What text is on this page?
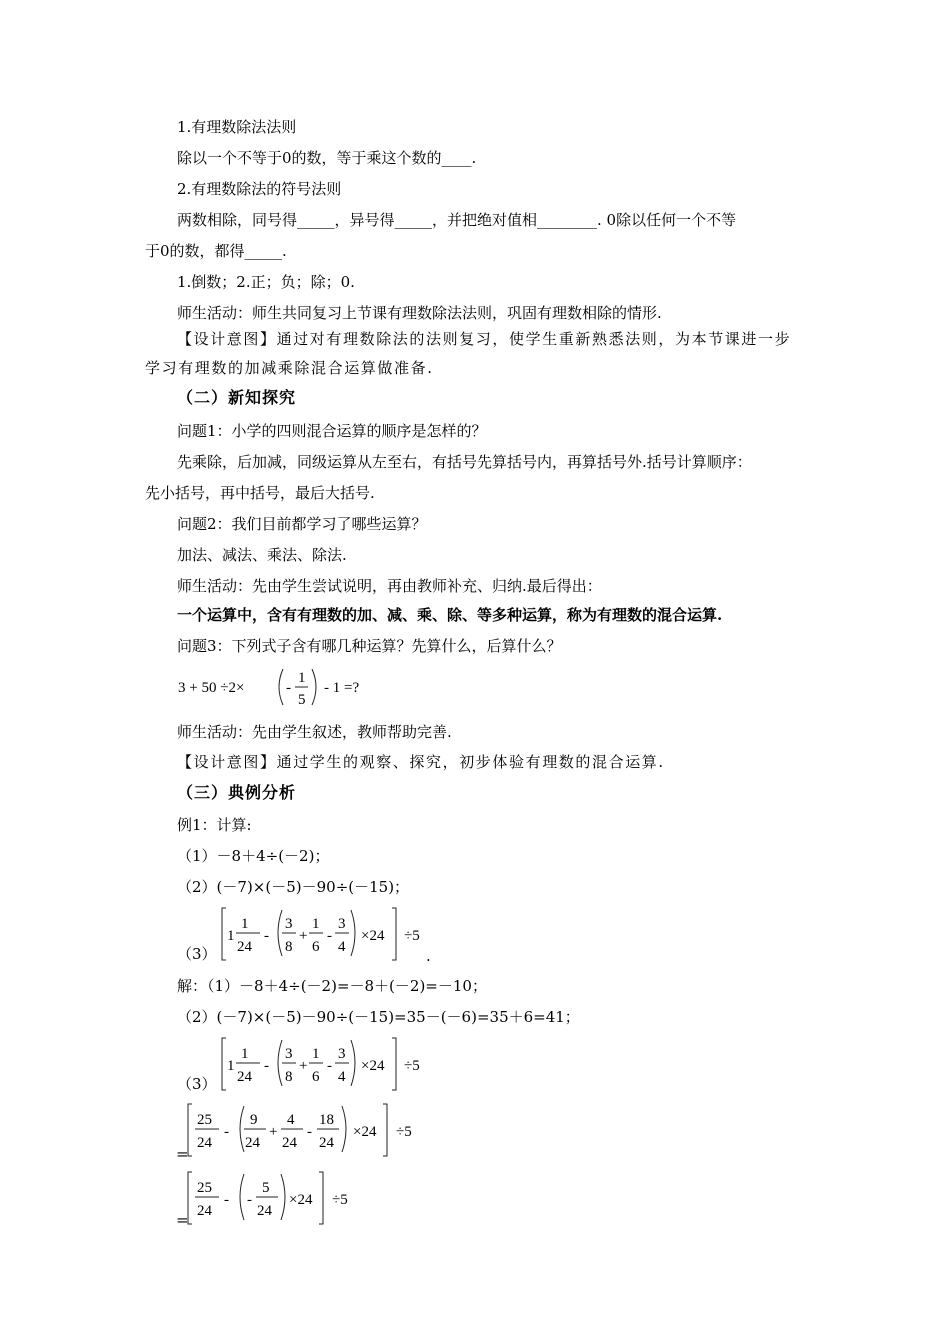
1.有理数除法法则
除以一个不等于0的数，等于乘这个数的____.
2.有理数除法的符号法则
两数相除，同号得_____，异号得_____，并把绝对值相________. 0除以任何一个不等
于0的数，都得_____.
1.倒数；2.正；负；除；0.
师生活动：师生共同复习上节课有理数除法法则，巩固有理数相除的情形.
【设计意图】通过对有理数除法的法则复习，使学生重新熟悉法则，为本节课进一步
学习有理数的加减乘除混合运算做准备.
（二）新知探究
问题1：小学的四则混合运算的顺序是怎样的？
先乘除，后加减，同级运算从左至右，有括号先算括号内，再算括号外.括号计算顺序：
先小括号，再中括号，最后大括号.
问题2：我们目前都学习了哪些运算？
加法、减法、乘法、除法.
师生活动：先由学生尝试说明，再由教师补充、归纳.最后得出：
一个运算中，含有有理数的加、减、乘、除、等多种运算，称为有理数的混合运算.
问题3：下列式子含有哪几种运算？先算什么，后算什么？
3 + 50 ÷2×	-
1
5
- 1 =?
师生活动：先由学生叙述，教师帮助完善.
【设计意图】通过学生的观察、探究，初步体验有理数的混合运算.
（三）典例分析
例1：计算:
（1）－8＋4÷(－2)；
（2）(－7)×(－5)－90÷(－15)；
（3）	.
1
1
24
-
3
8
+
1
6
-
3
4
×24 ÷5
解：（1）－8＋4÷(－2)=－8＋(－2)=－10；
（2）(－7)×(－5)－90÷(－15)=35－(－6)=35＋6=41；
（3）
1
1
24
-
3
8
+
1
6
-
3
4
×24 ÷5
=
25
24
-
9
24
+
4
24
-
18
24
×24 ÷5
=
25
24
- -
5
24
×24 ÷5
